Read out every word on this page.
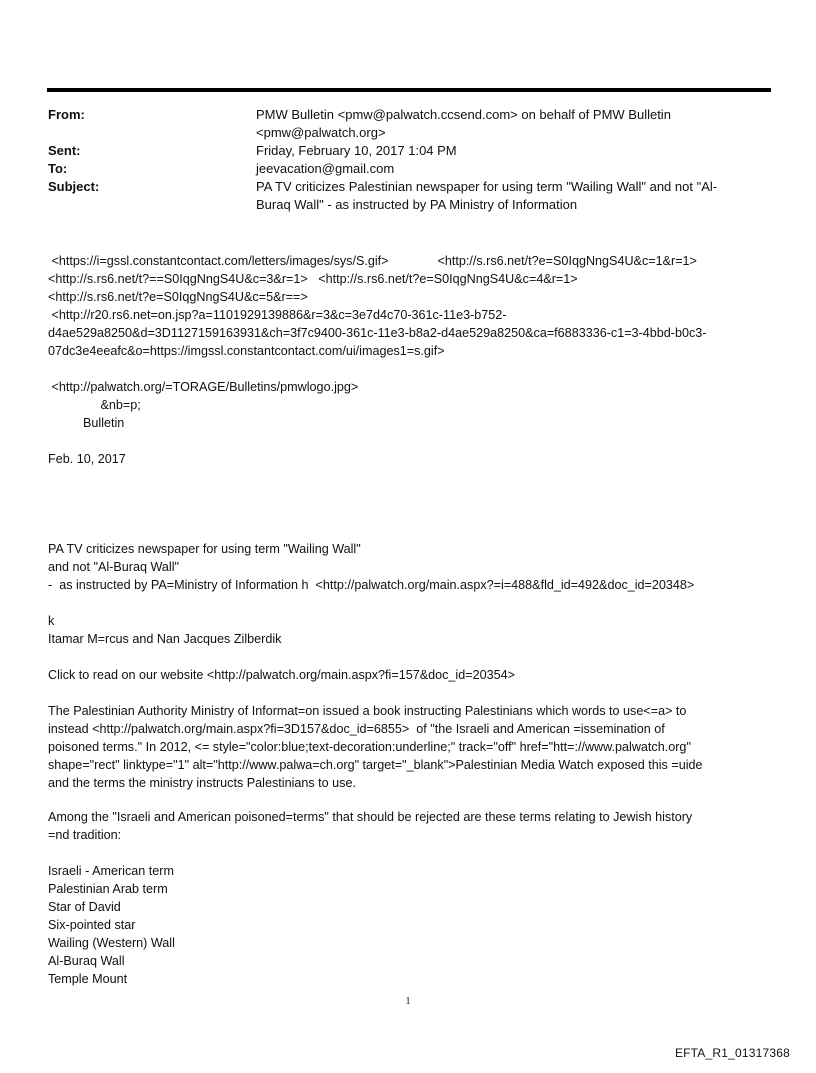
From:	PMW Bulletin <pmw@palwatch.ccsend.com> on behalf of PMW Bulletin
<pmw@palwatch.org>
Sent:	Friday, February 10, 2017 1:04 PM
To:	jeevacation@gmail.com
Subject:	PA TV criticizes Palestinian newspaper for using term "Wailing Wall" and not "Al-
Buraq Wall" - as instructed by PA Ministry of Information
<https://i=gssl.constantcontact.com/letters/images/sys/S.gif>              <http://s.rs6.net/t?e=S0IqgNngS4U&c=1&r=1>
<http://s.rs6.net/t?==S0IqgNngS4U&c=3&r=1>   <http://s.rs6.net/t?e=S0IqgNngS4U&c=4&r=1>
<http://s.rs6.net/t?e=S0IqgNngS4U&c=5&r==>
<http://r20.rs6.net=on.jsp?a=1101929139886&r=3&c=3e7d4c70-361c-11e3-b752-
d4ae529a8250&d=3D1127159163931&ch=3f7c9400-361c-11e3-b8a2-d4ae529a8250&ca=f6883336-c1=3-4bbd-b0c3-
07dc3e4eeafc&o=https://imgssl.constantcontact.com/ui/images1=s.gif>
<http://palwatch.org/=TORAGE/Bulletins/pmwlogo.jpg>
&nb=p;
Bulletin
Feb. 10, 2017
PA TV criticizes newspaper for using term "Wailing Wall"
and not "Al-Buraq Wall"
-  as instructed by PA=Ministry of Information h  <http://palwatch.org/main.aspx?=i=488&fld_id=492&doc_id=20348>
k
Itamar M=rcus and Nan Jacques Zilberdik
Click to read on our website <http://palwatch.org/main.aspx?fi=157&doc_id=20354>
The Palestinian Authority Ministry of Informat=on issued a book instructing Palestinians which words to use<=a> to
instead <http://palwatch.org/main.aspx?fi=3D157&doc_id=6855>  of "the Israeli and American =issemination of
poisoned terms." In 2012, <= style="color:blue;text-decoration:underline;" track="off" href="htt=://www.palwatch.org"
shape="rect" linktype="1" alt="http://www.palwa=ch.org" target="_blank">Palestinian Media Watch exposed this =uide
and the terms the ministry instructs Palestinians to use.
Among the "Israeli and American poisoned=terms" that should be rejected are these terms relating to Jewish history
=nd tradition:
Israeli - American term
Palestinian Arab term
Star of David
Six-pointed star
Wailing (Western) Wall
Al-Buraq Wall
Temple Mount
1
EFTA_R1_01317368
